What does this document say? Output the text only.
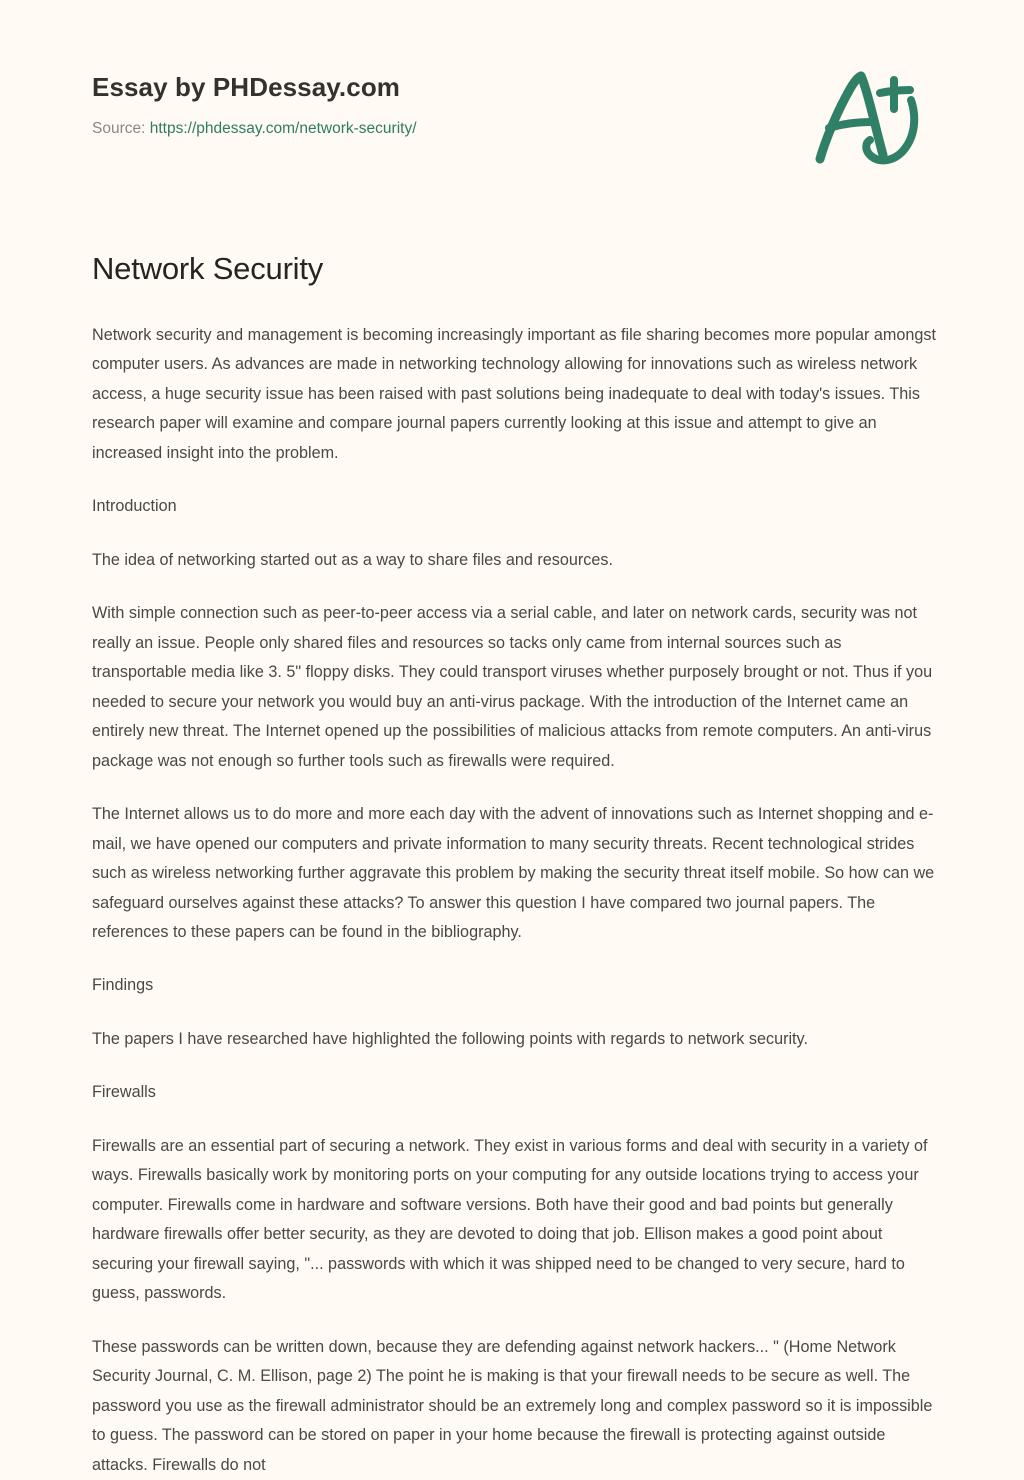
Essay by PHDessay.com

Source: https://phdessay.com/network-security/

Network Security

Network security and management is becoming increasingly important as file sharing becomes more popular amongst computer users. As advances are made in networking technology allowing for innovations such as wireless network access, a huge security issue has been raised with past solutions being inadequate to deal with today's issues. This research paper will examine and compare journal papers currently looking at this issue and attempt to give an increased insight into the problem.

Introduction

The idea of networking started out as a way to share files and resources.

With simple connection such as peer-to-peer access via a serial cable, and later on network cards, security was not really an issue. People only shared files and resources so tacks only came from internal sources such as transportable media like 3. 5" floppy disks. They could transport viruses whether purposely brought or not. Thus if you needed to secure your network you would buy an anti-virus package. With the introduction of the Internet came an entirely new threat. The Internet opened up the possibilities of malicious attacks from remote computers. An anti-virus package was not enough so further tools such as firewalls were required.

The Internet allows us to do more and more each day with the advent of innovations such as Internet shopping and e-mail, we have opened our computers and private information to many security threats. Recent technological strides such as wireless networking further aggravate this problem by making the security threat itself mobile. So how can we safeguard ourselves against these attacks? To answer this question I have compared two journal papers. The references to these papers can be found in the bibliography.

Findings

The papers I have researched have highlighted the following points with regards to network security.

Firewalls

Firewalls are an essential part of securing a network. They exist in various forms and deal with security in a variety of ways. Firewalls basically work by monitoring ports on your computing for any outside locations trying to access your computer. Firewalls come in hardware and software versions. Both have their good and bad points but generally hardware firewalls offer better security, as they are devoted to doing that job. Ellison makes a good point about securing your firewall saying, "... passwords with which it was shipped need to be changed to very secure, hard to guess, passwords.

These passwords can be written down, because they are defending against network hackers... " (Home Network Security Journal, C. M. Ellison, page 2) The point he is making is that your firewall needs to be secure as well. The password you use as the firewall administrator should be an extremely long and complex password so it is impossible to guess. The password can be stored on paper in your home because the firewall is protecting against outside attacks. Firewalls do not
